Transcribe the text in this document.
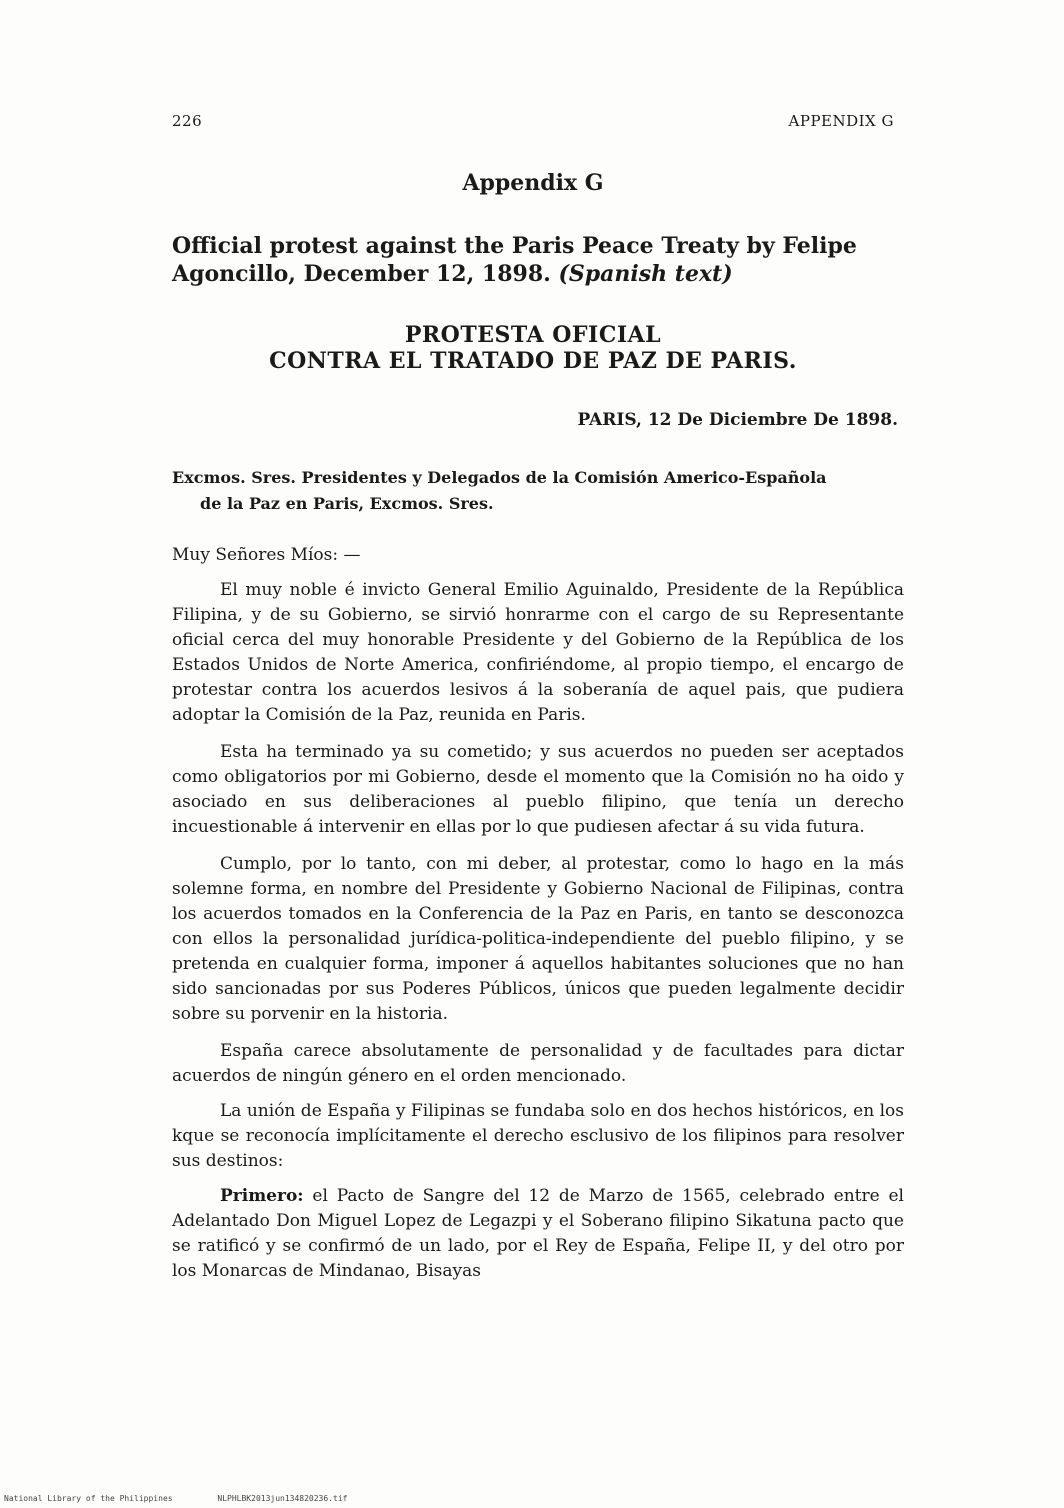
226	APPENDIX G
Appendix G
Official protest against the Paris Peace Treaty by Felipe Agoncillo, December 12, 1898. (Spanish text)
PROTESTA OFICIAL
CONTRA EL TRATADO DE PAZ DE PARIS.
PARIS, 12 De Diciembre De 1898.
Excmos. Sres. Presidentes y Delegados de la Comisión Americo-Española
de la Paz en Paris, Excmos. Sres.
Muy Señores Míos: —

El muy noble é invicto General Emilio Aguinaldo, Presidente de la República Filipina, y de su Gobierno, se sirvió honrarme con el cargo de su Representante oficial cerca del muy honorable Presidente y del Gobierno de la República de los Estados Unidos de Norte America, confiriéndome, al propio tiempo, el encargo de protestar contra los acuerdos lesivos á la soberanía de aquel pais, que pudiera adoptar la Comisión de la Paz, reunida en Paris.

Esta ha terminado ya su cometido; y sus acuerdos no pueden ser aceptados como obligatorios por mi Gobierno, desde el momento que la Comisión no ha oido y asociado en sus deliberaciones al pueblo filipino, que tenía un derecho incuestionable á intervenir en ellas por lo que pudiesen afectar á su vida futura.

Cumplo, por lo tanto, con mi deber, al protestar, como lo hago en la más solemne forma, en nombre del Presidente y Gobierno Nacional de Filipinas, contra los acuerdos tomados en la Conferencia de la Paz en Paris, en tanto se desconozca con ellos la personalidad jurídica-politica-independiente del pueblo filipino, y se pretenda en cualquier forma, imponer á aquellos habitantes soluciones que no han sido sancionadas por sus Poderes Públicos, únicos que pueden legalmente decidir sobre su porvenir en la historia.

España carece absolutamente de personalidad y de facultades para dictar acuerdos de ningún género en el orden mencionado.

La unión de España y Filipinas se fundaba solo en dos hechos históricos, en los kque se reconocía implícitamente el derecho esclusivo de los filipinos para resolver sus destinos:

Primero: el Pacto de Sangre del 12 de Marzo de 1565, celebrado entre el Adelantado Don Miguel Lopez de Legazpi y el Soberano filipino Sikatuna pacto que se ratificó y se confirmó de un lado, por el Rey de España, Felipe II, y del otro por los Monarcas de Mindanao, Bisayas

National Library of the Philippines	NLPHLBK2013jun134820236.tif
